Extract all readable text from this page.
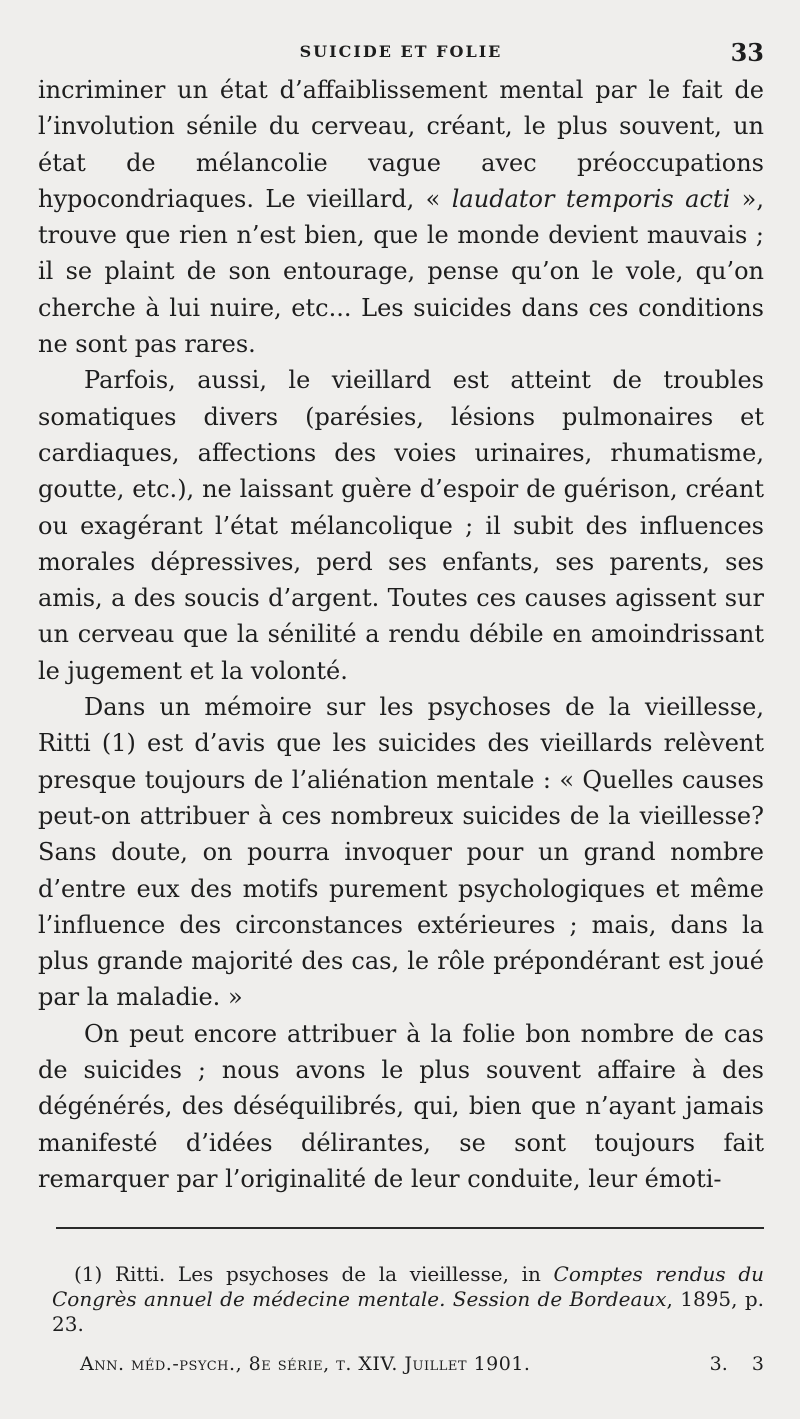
SUICIDE ET FOLIE	33

incriminer un état d’affaiblissement mental par le fait de l’involution sénile du cerveau, créant, le plus souvent, un état de mélancolie vague avec préoccupations hypocondriaques. Le vieillard, « laudator temporis acti », trouve que rien n’est bien, que le monde devient mauvais ; il se plaint de son entourage, pense qu’on le vole, qu’on cherche à lui nuire, etc... Les suicides dans ces conditions ne sont pas rares.

Parfois, aussi, le vieillard est atteint de troubles somatiques divers (parésies, lésions pulmonaires et cardiaques, affections des voies urinaires, rhumatisme, goutte, etc.), ne laissant guère d’espoir de guérison, créant ou exagérant l’état mélancolique ; il subit des influences morales dépressives, perd ses enfants, ses parents, ses amis, a des soucis d’argent. Toutes ces causes agissent sur un cerveau que la sénilité a rendu débile en amoindrissant le jugement et la volonté.

Dans un mémoire sur les psychoses de la vieillesse, Ritti (1) est d’avis que les suicides des vieillards relèvent presque toujours de l’aliénation mentale : « Quelles causes peut-on attribuer à ces nombreux suicides de la vieillesse? Sans doute, on pourra invoquer pour un grand nombre d’entre eux des motifs purement psychologiques et même l’influence des circonstances extérieures ; mais, dans la plus grande majorité des cas, le rôle prépondérant est joué par la maladie. »

On peut encore attribuer à la folie bon nombre de cas de suicides ; nous avons le plus souvent affaire à des dégénérés, des déséquilibrés, qui, bien que n’ayant jamais manifesté d’idées délirantes, se sont toujours fait remarquer par l’originalité de leur conduite, leur émoti-

(1) Ritti. Les psychoses de la vieillesse, in Comptes rendus du Congrès annuel de médecine mentale. Session de Bordeaux, 1895, p. 23.
Ann. méd.-psych., 8e série, t. XIV. Juillet 1901.	3.    3
